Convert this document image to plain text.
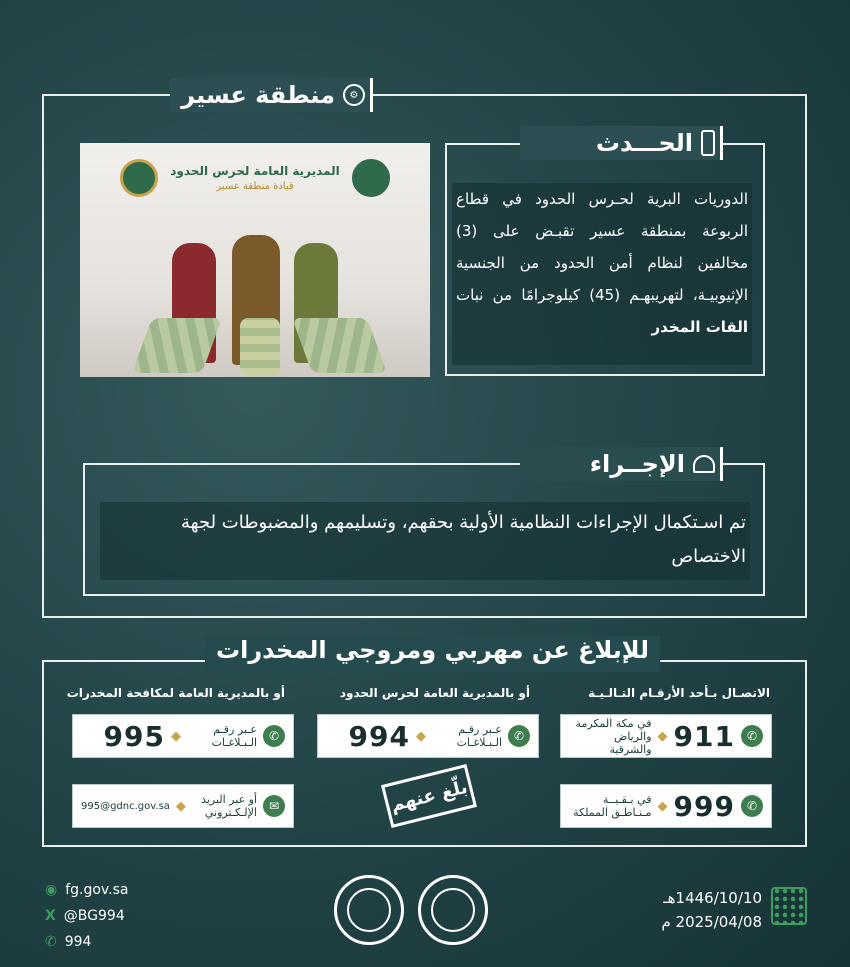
⚙
منطقة عسير
المديرية العامة لحرس الحدود
قيادة منطقة عسير
الحـــدث
الدوريات البرية لحـرس الحدود في قطاع الربوعة بمنطقة عسير تقبـض على (3) مخالفين لنظام أمن الحدود من الجنسية الإثيوبيـة، لتهريبهـم (45) كيلوجرامًا من نبات القات المخدر
الإجــراء
تم اسـتكمال الإجراءات النظامية الأولية بحقهم، وتسليمهم والمضبوطات لجهة الاختصاص
للإبلاغ عن مهربي ومروجي المخدرات
الاتصـال بـأحد الأرقـام التـالـيـة
أو بالمديرية العامة لحرس الحدود
أو بالمديرية العامة لمكافحة المخدرات
✆
911
◆
في مكة المكرمة والرياض والشرقية
✆
999
◆
في بـقـيــة مـنـاطـق المملكة
✆
عـبر رقـم الـبـلاغـات
◆
994
✆
عـبر رقـم الـبـلاغـات
◆
995
✉
أو عبر البريد الإلـكـتروني
◆
995@gdnc.gov.sa	بلّغ عنهم
◉ fg.gov.sa
X @BG994
✆ 994
1446/10/10هـ
2025/04/08 م
